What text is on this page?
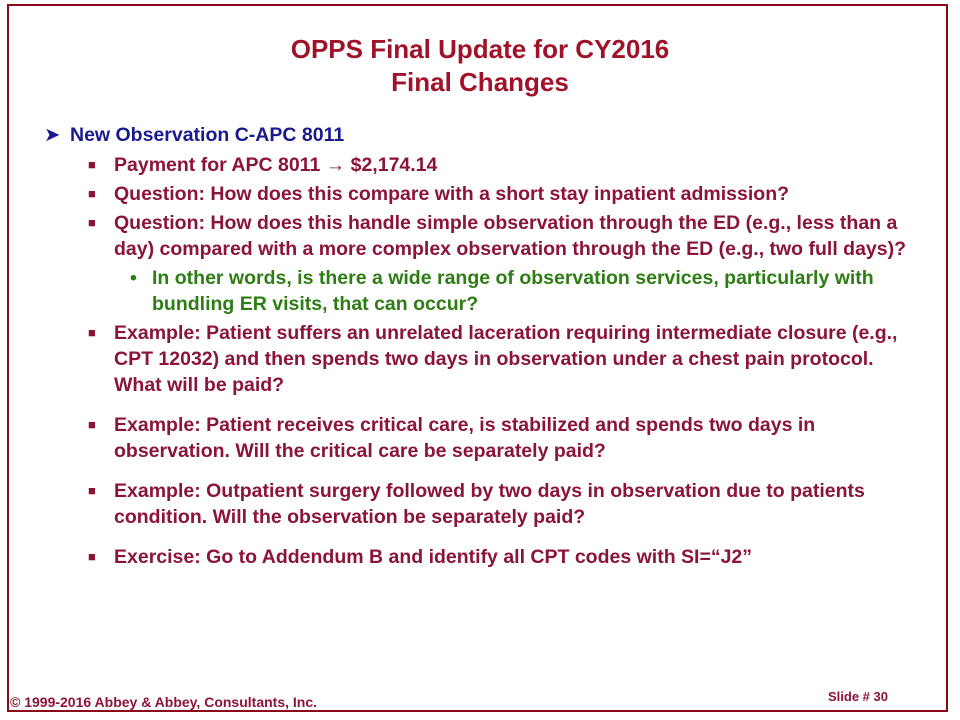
OPPS Final Update for CY2016
Final Changes
➤ New Observation C-APC 8011
■ Payment for APC 8011 → $2,174.14
■ Question: How does this compare with a short stay inpatient admission?
■ Question: How does this handle simple observation through the ED (e.g., less than a day) compared with a more complex observation through the ED (e.g., two full days)?
• In other words, is there a wide range of observation services, particularly with bundling ER visits, that can occur?
■ Example: Patient suffers an unrelated laceration requiring intermediate closure (e.g., CPT 12032) and then spends two days in observation under a chest pain protocol. What will be paid?
■ Example: Patient receives critical care, is stabilized and spends two days in observation. Will the critical care be separately paid?
■ Example: Outpatient surgery followed by two days in observation due to patients condition. Will the observation be separately paid?
■ Exercise: Go to Addendum B and identify all CPT codes with SI=“J2”
© 1999-2016 Abbey & Abbey, Consultants, Inc.	Slide # 30
